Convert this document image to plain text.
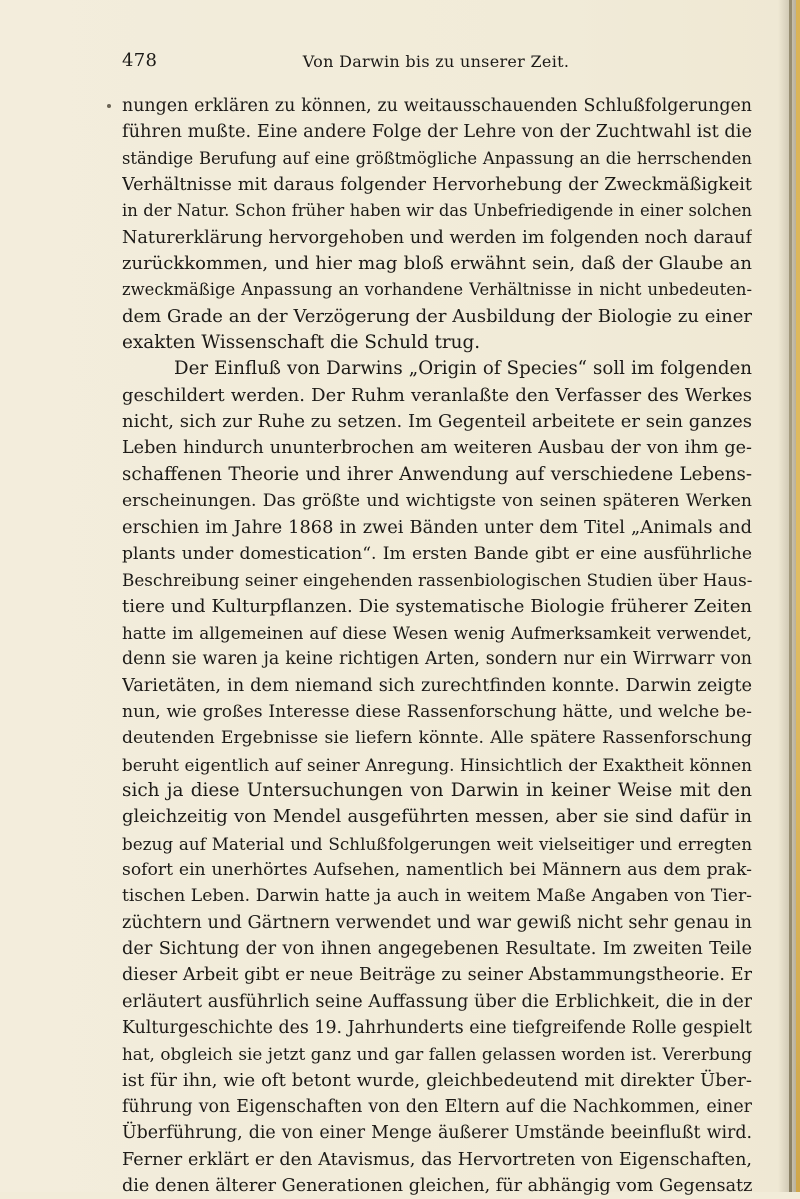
478	Von Darwin bis zu unserer Zeit.
nungen erklären zu können, zu weitausschauenden Schlußfolgerungen
führen mußte. Eine andere Folge der Lehre von der Zuchtwahl ist die
ständige Berufung auf eine größtmögliche Anpassung an die herrschenden
Verhältnisse mit daraus folgender Hervorhebung der Zweckmäßigkeit
in der Natur. Schon früher haben wir das Unbefriedigende in einer solchen
Naturerklärung hervorgehoben und werden im folgenden noch darauf
zurückkommen, und hier mag bloß erwähnt sein, daß der Glaube an
zweckmäßige Anpassung an vorhandene Verhältnisse in nicht unbedeuten-
dem Grade an der Verzögerung der Ausbildung der Biologie zu einer
exakten Wissenschaft die Schuld trug.
Der Einfluß von Darwins „Origin of Species“ soll im folgenden
geschildert werden. Der Ruhm veranlaßte den Verfasser des Werkes
nicht, sich zur Ruhe zu setzen. Im Gegenteil arbeitete er sein ganzes
Leben hindurch ununterbrochen am weiteren Ausbau der von ihm ge-
schaffenen Theorie und ihrer Anwendung auf verschiedene Lebens-
erscheinungen. Das größte und wichtigste von seinen späteren Werken
erschien im Jahre 1868 in zwei Bänden unter dem Titel „Animals and
plants under domestication“. Im ersten Bande gibt er eine ausführliche
Beschreibung seiner eingehenden rassenbiologischen Studien über Haus-
tiere und Kulturpflanzen. Die systematische Biologie früherer Zeiten
hatte im allgemeinen auf diese Wesen wenig Aufmerksamkeit verwendet,
denn sie waren ja keine richtigen Arten, sondern nur ein Wirrwarr von
Varietäten, in dem niemand sich zurechtfinden konnte. Darwin zeigte
nun, wie großes Interesse diese Rassenforschung hätte, und welche be-
deutenden Ergebnisse sie liefern könnte. Alle spätere Rassenforschung
beruht eigentlich auf seiner Anregung. Hinsichtlich der Exaktheit können
sich ja diese Untersuchungen von Darwin in keiner Weise mit den
gleichzeitig von Mendel ausgeführten messen, aber sie sind dafür in
bezug auf Material und Schlußfolgerungen weit vielseitiger und erregten
sofort ein unerhörtes Aufsehen, namentlich bei Männern aus dem prak-
tischen Leben. Darwin hatte ja auch in weitem Maße Angaben von Tier-
züchtern und Gärtnern verwendet und war gewiß nicht sehr genau in
der Sichtung der von ihnen angegebenen Resultate. Im zweiten Teile
dieser Arbeit gibt er neue Beiträge zu seiner Abstammungstheorie. Er
erläutert ausführlich seine Auffassung über die Erblichkeit, die in der
Kulturgeschichte des 19. Jahrhunderts eine tiefgreifende Rolle gespielt
hat, obgleich sie jetzt ganz und gar fallen gelassen worden ist. Vererbung
ist für ihn, wie oft betont wurde, gleichbedeutend mit direkter Über-
führung von Eigenschaften von den Eltern auf die Nachkommen, einer
Überführung, die von einer Menge äußerer Umstände beeinflußt wird.
Ferner erklärt er den Atavismus, das Hervortreten von Eigenschaften,
die denen älterer Generationen gleichen, für abhängig vom Gegensatz
